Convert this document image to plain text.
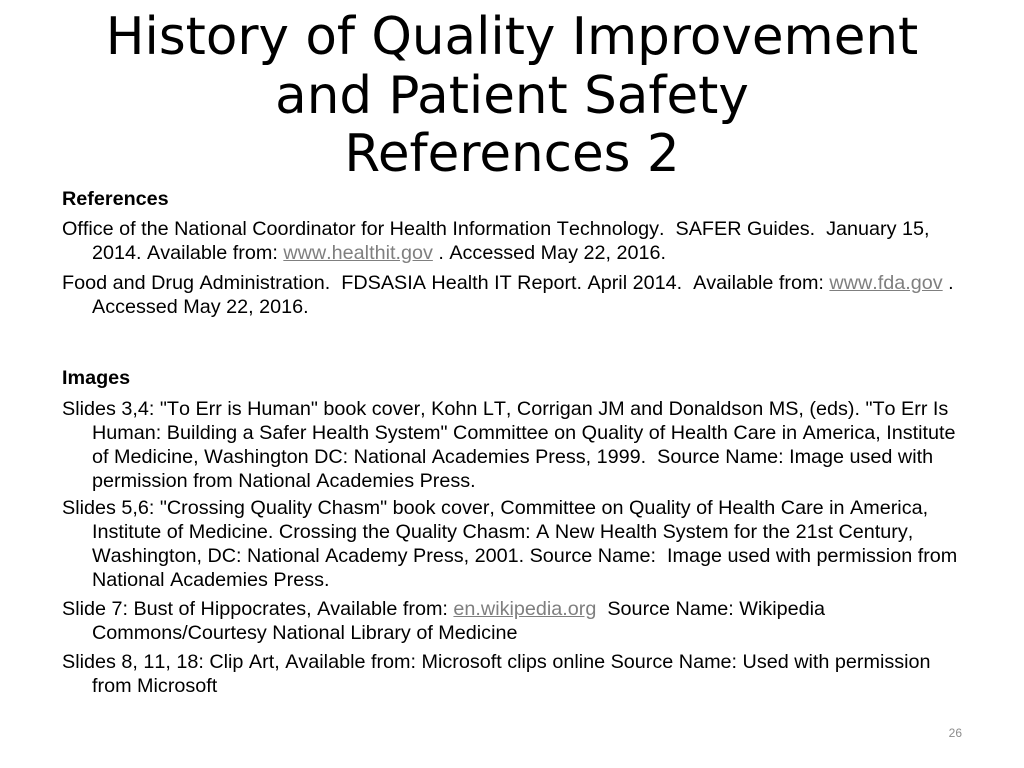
History of Quality Improvement
and Patient Safety
References 2
References
Office of the National Coordinator for Health Information Technology.  SAFER Guides.  January 15,
2014. Available from: www.healthit.gov . Accessed May 22, 2016.
Food and Drug Administration.  FDSASIA Health IT Report. April 2014.  Available from: www.fda.gov .
Accessed May 22, 2016.
Images
Slides 3,4: "To Err is Human" book cover, Kohn LT, Corrigan JM and Donaldson MS, (eds). "To Err Is
Human: Building a Safer Health System" Committee on Quality of Health Care in America, Institute
of Medicine, Washington DC: National Academies Press, 1999.  Source Name: Image used with
permission from National Academies Press.
Slides 5,6: "Crossing Quality Chasm" book cover, Committee on Quality of Health Care in America,
Institute of Medicine. Crossing the Quality Chasm: A New Health System for the 21st Century,
Washington, DC: National Academy Press, 2001. Source Name:  Image used with permission from
National Academies Press.
Slide 7: Bust of Hippocrates, Available from: en.wikipedia.org  Source Name: Wikipedia
Commons/Courtesy National Library of Medicine
Slides 8, 11, 18: Clip Art, Available from: Microsoft clips online Source Name: Used with permission
from Microsoft
26
